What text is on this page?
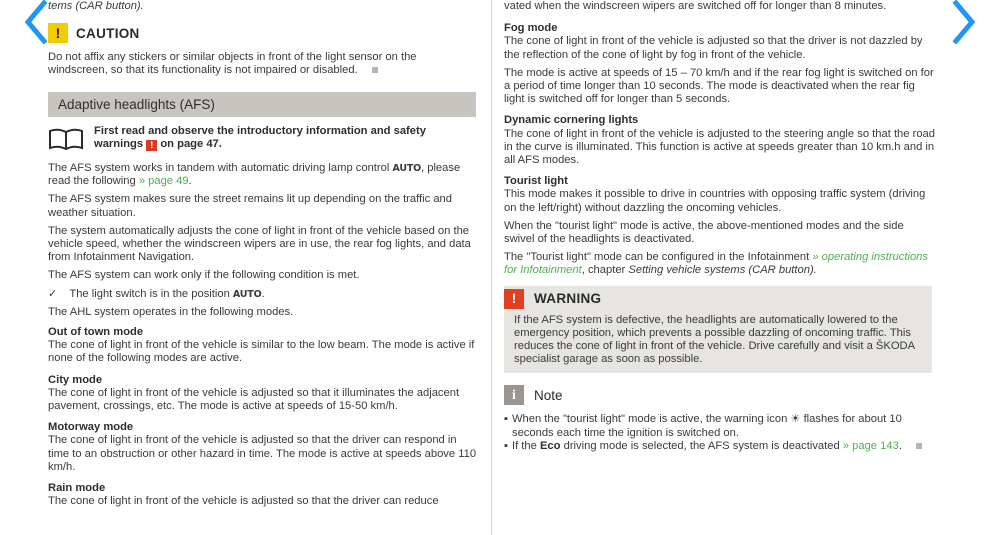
tems (CAR button).

!	CAUTION

Do not affix any stickers or similar objects in front of the light sensor on the windscreen, so that its functionality is not impaired or disabled.

Adaptive headlights (AFS)
First read and observe the introductory information and safety warnings ! on page 47.

The AFS system works in tandem with automatic driving lamp control AUTO, please read the following » page 49.

The AFS system makes sure the street remains lit up depending on the traffic and weather situation.

The system automatically adjusts the cone of light in front of the vehicle based on the vehicle speed, whether the windscreen wipers are in use, the rear fog lights, and data from Infotainment Navigation.

The AFS system can work only if the following condition is met.

✓ The light switch is in the position AUTO.

The AHL system operates in the following modes.

Out of town mode

The cone of light in front of the vehicle is similar to the low beam. The mode is active if none of the following modes are active.

City mode

The cone of light in front of the vehicle is adjusted so that it illuminates the adjacent pavement, crossings, etc. The mode is active at speeds of 15-50 km/h.

Motorway mode

The cone of light in front of the vehicle is adjusted so that the driver can respond in time to an obstruction or other hazard in time. The mode is active at speeds above 110 km/h.

Rain mode

The cone of light in front of the vehicle is adjusted so that the driver can reduce

vated when the windscreen wipers are switched off for longer than 8 minutes.

Fog mode

The cone of light in front of the vehicle is adjusted so that the driver is not dazzled by the reflection of the cone of light by fog in front of the vehicle.

The mode is active at speeds of 15 – 70 km/h and if the rear fog light is switched on for a period of time longer than 10 seconds. The mode is deactivated when the rear fig light is switched off for longer than 5 seconds.

Dynamic cornering lights

The cone of light in front of the vehicle is adjusted to the steering angle so that the road in the curve is illuminated. This function is active at speeds greater than 10 km.h and in all AFS modes.

Tourist light

This mode makes it possible to drive in countries with opposing traffic system (driving on the left/right) without dazzling the oncoming vehicles.

When the "tourist light" mode is active, the above-mentioned modes and the side swivel of the headlights is deactivated.

The "Tourist light" mode can be configured in the Infotainment » operating instructions for Infotainment, chapter Setting vehicle systems (CAR button).

!	WARNING
If the AFS system is defective, the headlights are automatically lowered to the emergency position, which prevents a possible dazzling of oncoming traffic. This reduces the cone of light in front of the vehicle. Drive carefully and visit a ŠKODA specialist garage as soon as possible.
i	Note
▪ When the "tourist light" mode is active, the warning icon ☀ flashes for about 10 seconds each time the ignition is switched on.
▪ If the Eco driving mode is selected, the AFS system is deactivated » page 143.
